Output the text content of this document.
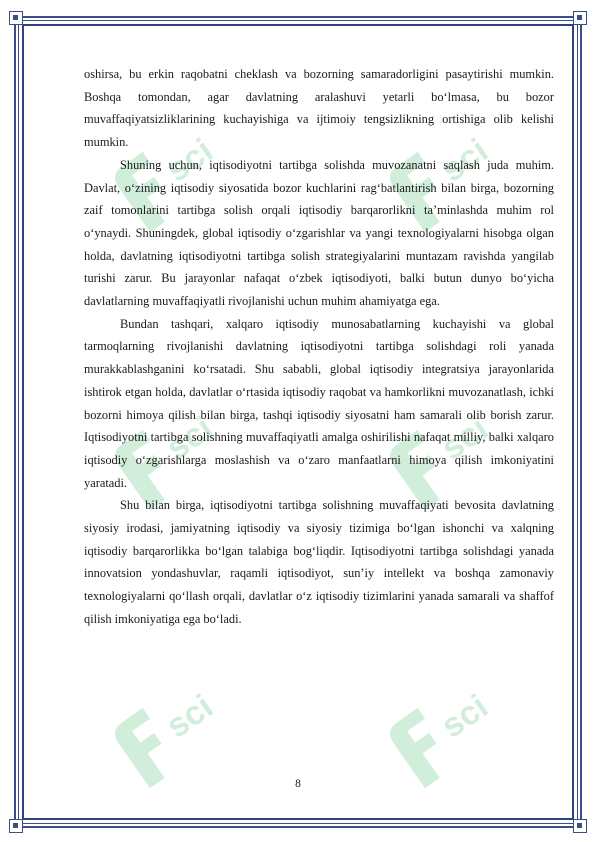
sci	sci
sci	sci
sci	sci

oshirsa, bu erkin raqobatni cheklash va bozorning samaradorligini pasaytirishi mumkin. Boshqa tomondan, agar davlatning aralashuvi yetarli bo‘lmasa, bu bozor muvaffaqiyatsizliklarining kuchayishiga va ijtimoiy tengsizlikning ortishiga olib kelishi mumkin.

Shuning uchun, iqtisodiyotni tartibga solishda muvozanatni saqlash juda muhim. Davlat, o‘zining iqtisodiy siyosatida bozor kuchlarini rag‘batlantirish bilan birga, bozorning zaif tomonlarini tartibga solish orqali iqtisodiy barqarorlikni ta’minlashda muhim rol o‘ynaydi. Shuningdek, global iqtisodiy o‘zgarishlar va yangi texnologiyalarni hisobga olgan holda, davlatning iqtisodiyotni tartibga solish strategiyalarini muntazam ravishda yangilab turishi zarur. Bu jarayonlar nafaqat o‘zbek iqtisodiyoti, balki butun dunyo bo‘yicha davlatlarning muvaffaqiyatli rivojlanishi uchun muhim ahamiyatga ega.

Bundan tashqari, xalqaro iqtisodiy munosabatlarning kuchayishi va global tarmoqlarning rivojlanishi davlatning iqtisodiyotni tartibga solishdagi roli yanada murakkablashganini ko‘rsatadi. Shu sababli, global iqtisodiy integratsiya jarayonlarida ishtirok etgan holda, davlatlar o‘rtasida iqtisodiy raqobat va hamkorlikni muvozanatlash, ichki bozorni himoya qilish bilan birga, tashqi iqtisodiy siyosatni ham samarali olib borish zarur. Iqtisodiyotni tartibga solishning muvaffaqiyatli amalga oshirilishi nafaqat milliy, balki xalqaro iqtisodiy o‘zgarishlarga moslashish va o‘zaro manfaatlarni himoya qilish imkoniyatini yaratadi.

Shu bilan birga, iqtisodiyotni tartibga solishning muvaffaqiyati bevosita davlatning siyosiy irodasi, jamiyatning iqtisodiy va siyosiy tizimiga bo‘lgan ishonchi va xalqning iqtisodiy barqarorlikka bo‘lgan talabiga bog‘liqdir. Iqtisodiyotni tartibga solishdagi yanada innovatsion yondashuvlar, raqamli iqtisodiyot, sun’iy intellekt va boshqa zamonaviy texnologiyalarni qo‘llash orqali, davlatlar o‘z iqtisodiy tizimlarini yanada samarali va shaffof qilish imkoniyatiga ega bo‘ladi.

8
